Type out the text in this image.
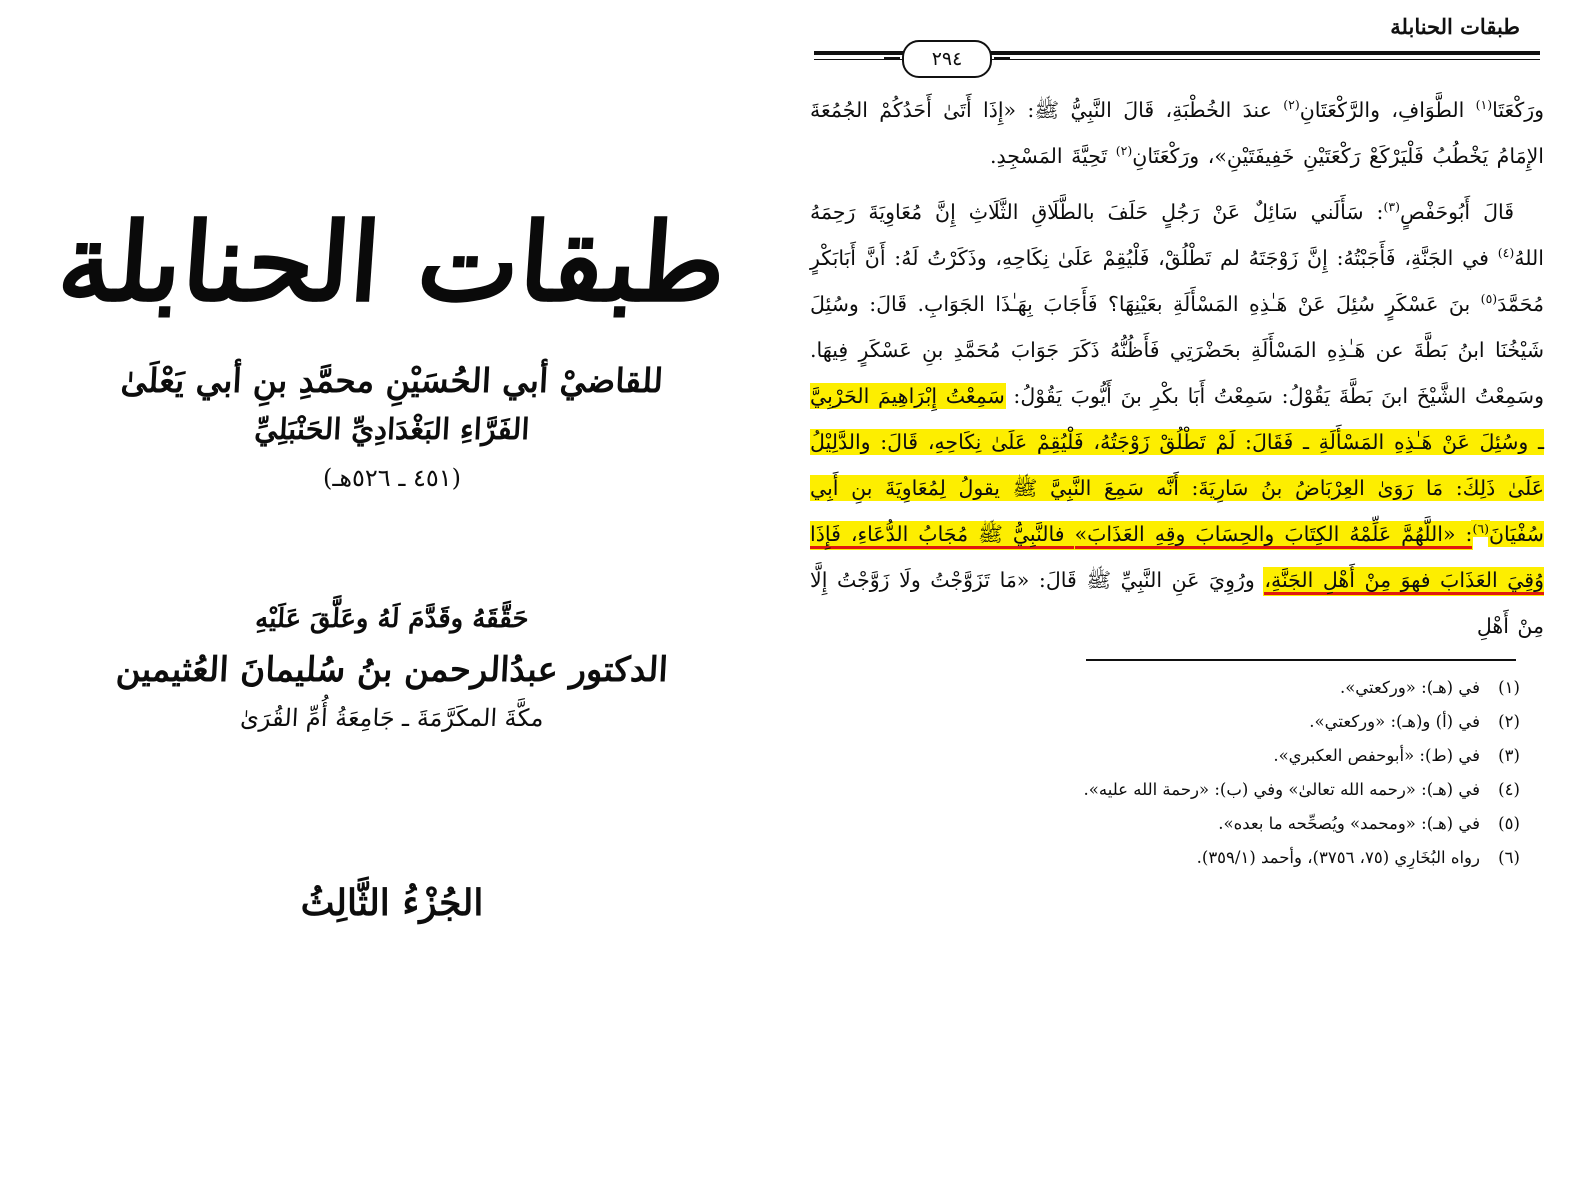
طبقات الحنابلة
٢٩٤

ورَكْعَتَا$^{(١)}$ الطَّوَافِ، والرَّكْعَتَانِ$^{(٢)}$ عندَ الخُطْبَةِ، قَالَ النَّبِيُّ ﷺ: «إِذَا أَتَىٰ أَحَدُكُمْ الجُمُعَةَ الإِمَامُ يَخْطُبُ فَلْيَرْكَعْ رَكْعَتَيْنِ خَفِيفَتَيْنِ»، ورَكْعَتَانِ$^{(٢)}$ تَحِيَّةَ المَسْجِدِ.

قَالَ أَبُوحَفْصٍ$^{(٣)}$: سَأَلَني سَائِلٌ عَنْ رَجُلٍ حَلَفَ بالطَّلَاقِ الثَّلَاثِ إِنَّ مُعَاوِيَةَ رَحِمَهُ اللهُ$^{(٤)}$ في الجَنَّةِ، فَأَجَبْتُهُ: إِنَّ زَوْجَتَهُ لم تَطْلُقْ، فَلْيُقِمْ عَلَىٰ نِكَاحِهِ، وذَكَرْتُ لَهُ: أَنَّ أَبَابَكْرٍ مُحَمَّدَ$^{(٥)}$ بنَ عَسْكَرٍ سُئِلَ عَنْ هَـٰذِهِ المَسْأَلَةِ بعَيْنِهَا؟ فَأَجَابَ بِهَـٰذَا الجَوَابِ. قَالَ: وسُئِلَ شَيْخُنَا ابنُ بَطَّةَ عن هَـٰذِهِ المَسْأَلَةِ بحَضْرَتِي فَأَظُنُّهُ ذَكَرَ جَوَابَ مُحَمَّدِ بنِ عَسْكَرٍ فِيهَا. وسَمِعْتُ الشَّيْخَ ابنَ بَطَّةَ يَقُوْلُ: سَمِعْتُ أَبَا بكْرِ بنَ أَيُّوبَ يَقُوْلُ: سَمِعْتُ إِبْرَاهِيمَ الحَرْبِيَّ ـ وسُئِلَ عَنْ هَـٰذِهِ المَسْأَلَةِ ـ فَقَالَ: لَمْ تَطْلُقْ زَوْجَتُهُ، فَلْيُقِمْ عَلَىٰ نِكَاحِهِ، قَالَ: والدَّلِيْلُ عَلَىٰ ذَلِكَ: مَا رَوَىٰ العِرْبَاضُ بنُ سَارِيَةَ: أَنَّه سَمِعَ النَّبِيَّ ﷺ يقولُ لِمُعَاوِيَةَ بنِ أَبِي سُفْيَانَ$^{(٦)}$: «اللَّهُمَّ عَلِّمْهُ الكِتَابَ والحِسَابَ وقِهِ العَذَابَ» فالنَّبِيُّ ﷺ مُجَابُ الدُّعَاءِ، فَإِذَا وُقِيَ العَذَابَ فهوَ مِنْ أَهْلِ الجَنَّةِ، ورُوِيَ عَنِ النَّبِيِّ ﷺ قَالَ: «مَا تَزَوَّجْتُ ولَا زَوَّجْتُ إِلَّا مِنْ أَهْلِ

(١)
في (هـ): «وركعتي».
(٢)
في (أ) و(هـ): «وركعتي».
(٣)
في (ط): «أبوحفص العكبري».
(٤)
في (هـ): «رحمه الله تعالىٰ» وفي (ب): «رحمة الله عليه».
(٥)
في (هـ): «ومحمد» ويُصحِّحه ما بعده».
(٦)
رواه البُخَارِي (٧٥، ٣٧٥٦)، وأحمد (٣٥٩/١).
طبقات الحنابلة
للقاضيْ أبي الحُسَيْنِ محمَّدِ بنِ أبي يَعْلَىٰ
الفَرَّاءِ البَغْدَادِيِّ الحَنْبَلِيِّ
(٤٥١ ـ ٥٢٦هـ)
حَقَّقَهُ وقَدَّمَ لَهُ وعَلَّقَ عَلَيْهِ
الدكتور عبدُالرحمن بنُ سُليمانَ العُثيمين
مكَّةَ المكَرَّمَةَ ـ جَامِعَةُ أُمِّ القُرَىٰ
الجُزْءُ الثَّالِثُ
